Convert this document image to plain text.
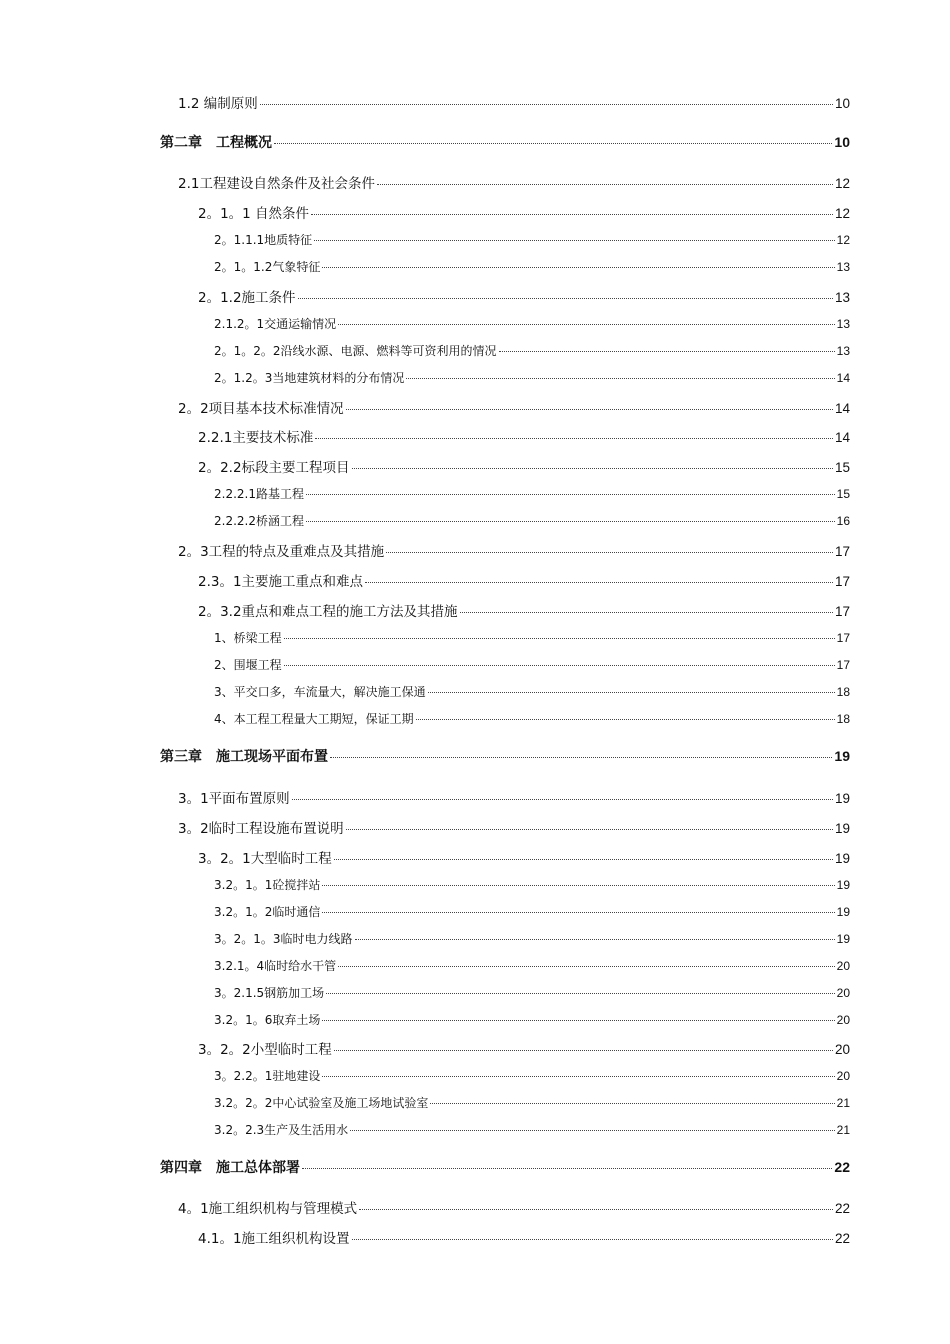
1.2 编制原则	10
第二章　工程概况	10
2.1工程建设自然条件及社会条件	12
2。1。1 自然条件	12
2。1.1.1地质特征	12
2。1。1.2气象特征	13
2。1.2施工条件	13
2.1.2。1交通运输情况	13
2。1。2。2沿线水源、电源、燃料等可资利用的情况	13
2。1.2。3当地建筑材料的分布情况	14
2。2项目基本技术标准情况	14
2.2.1主要技术标准	14
2。2.2标段主要工程项目	15
2.2.2.1路基工程	15
2.2.2.2桥涵工程	16
2。3工程的特点及重难点及其措施	17
2.3。1主要施工重点和难点	17
2。3.2重点和难点工程的施工方法及其措施	17
1、桥梁工程	17
2、围堰工程	17
3、平交口多，车流量大，解决施工保通	18
4、本工程工程量大工期短，保证工期	18
第三章　施工现场平面布置	19
3。1平面布置原则	19
3。2临时工程设施布置说明	19
3。2。1大型临时工程	19
3.2。1。1砼搅拌站	19
3.2。1。2临时通信	19
3。2。1。3临时电力线路	19
3.2.1。4临时给水干管	20
3。2.1.5钢筋加工场	20
3.2。1。6取弃土场	20
3。2。2小型临时工程	20
3。2.2。1驻地建设	20
3.2。2。2中心试验室及施工场地试验室	21
3.2。2.3生产及生活用水	21
第四章　施工总体部署	22
4。1施工组织机构与管理模式	22
4.1。1施工组织机构设置	22
